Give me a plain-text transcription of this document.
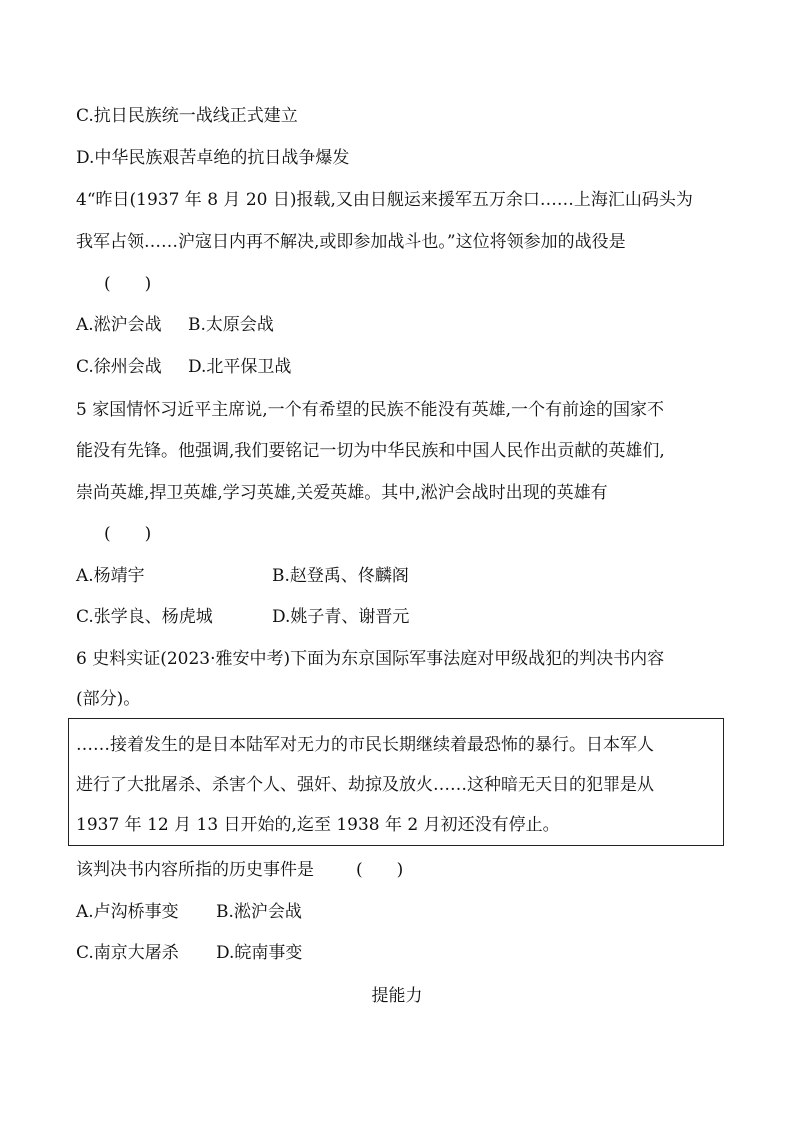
C.抗日民族统一战线正式建立
D.中华民族艰苦卓绝的抗日战争爆发
4“昨日(1937 年 8 月 20 日)报载,又由日舰运来援军五万余口……上海汇山码头为
我军占领……沪寇日内再不解决,或即参加战斗也。”这位将领参加的战役是
(　　)
A.淞沪会战 B.太原会战
C.徐州会战 D.北平保卫战
5 家国情怀习近平主席说,一个有希望的民族不能没有英雄,一个有前途的国家不
能没有先锋。他强调,我们要铭记一切为中华民族和中国人民作出贡献的英雄们,
崇尚英雄,捍卫英雄,学习英雄,关爱英雄。其中,淞沪会战时出现的英雄有
(　　)
A.杨靖宇	B.赵登禹、佟麟阁
C.张学良、杨虎城	D.姚子青、谢晋元
6 史料实证(2023·雅安中考)下面为东京国际军事法庭对甲级战犯的判决书内容
(部分)。
……接着发生的是日本陆军对无力的市民长期继续着最恐怖的暴行。日本军人
进行了大批屠杀、杀害个人、强奸、劫掠及放火……这种暗无天日的犯罪是从
1937 年 12 月 13 日开始的,迄至 1938 年 2 月初还没有停止。
该判决书内容所指的历史事件是 (　　)
A.卢沟桥事变 B.淞沪会战
C.南京大屠杀 D.皖南事变
提能力
